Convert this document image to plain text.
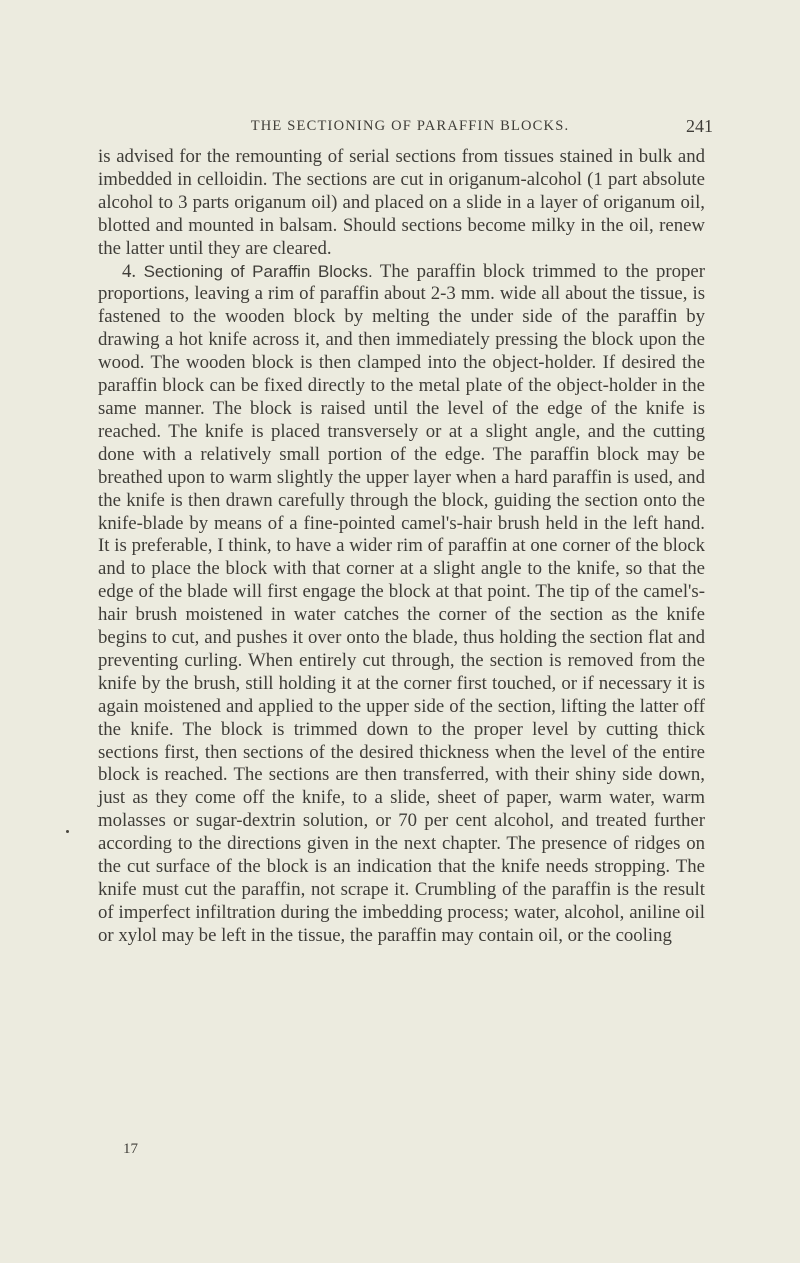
THE SECTIONING OF PARAFFIN BLOCKS.	241

is advised for the remounting of serial sections from tissues stained in bulk and imbedded in celloidin. The sections are cut in origanum-alcohol (1 part absolute alcohol to 3 parts origanum oil) and placed on a slide in a layer of origanum oil, blotted and mounted in balsam. Should sections become milky in the oil, renew the latter until they are cleared.

4. Sectioning of Paraffin Blocks. The paraffin block trimmed to the proper proportions, leaving a rim of paraffin about 2-3 mm. wide all about the tissue, is fastened to the wooden block by melting the under side of the paraffin by drawing a hot knife across it, and then immediately pressing the block upon the wood. The wooden block is then clamped into the object-holder. If desired the paraffin block can be fixed directly to the metal plate of the object-holder in the same manner. The block is raised until the level of the edge of the knife is reached. The knife is placed transversely or at a slight angle, and the cutting done with a relatively small portion of the edge. The paraffin block may be breathed upon to warm slightly the upper layer when a hard paraffin is used, and the knife is then drawn carefully through the block, guiding the section onto the knife-blade by means of a fine-pointed camel's-hair brush held in the left hand. It is preferable, I think, to have a wider rim of paraffin at one corner of the block and to place the block with that corner at a slight angle to the knife, so that the edge of the blade will first engage the block at that point. The tip of the camel's-hair brush moistened in water catches the corner of the section as the knife begins to cut, and pushes it over onto the blade, thus holding the section flat and preventing curling. When entirely cut through, the section is removed from the knife by the brush, still holding it at the corner first touched, or if necessary it is again moistened and applied to the upper side of the section, lifting the latter off the knife. The block is trimmed down to the proper level by cutting thick sections first, then sections of the desired thickness when the level of the entire block is reached. The sections are then transferred, with their shiny side down, just as they come off the knife, to a slide, sheet of paper, warm water, warm molasses or sugar-dextrin solution, or 70 per cent alcohol, and treated further according to the directions given in the next chapter. The presence of ridges on the cut surface of the block is an indication that the knife needs stropping. The knife must cut the paraffin, not scrape it. Crumbling of the paraffin is the result of imperfect infiltration during the imbedding process; water, alcohol, aniline oil or xylol may be left in the tissue, the paraffin may contain oil, or the cooling

17
